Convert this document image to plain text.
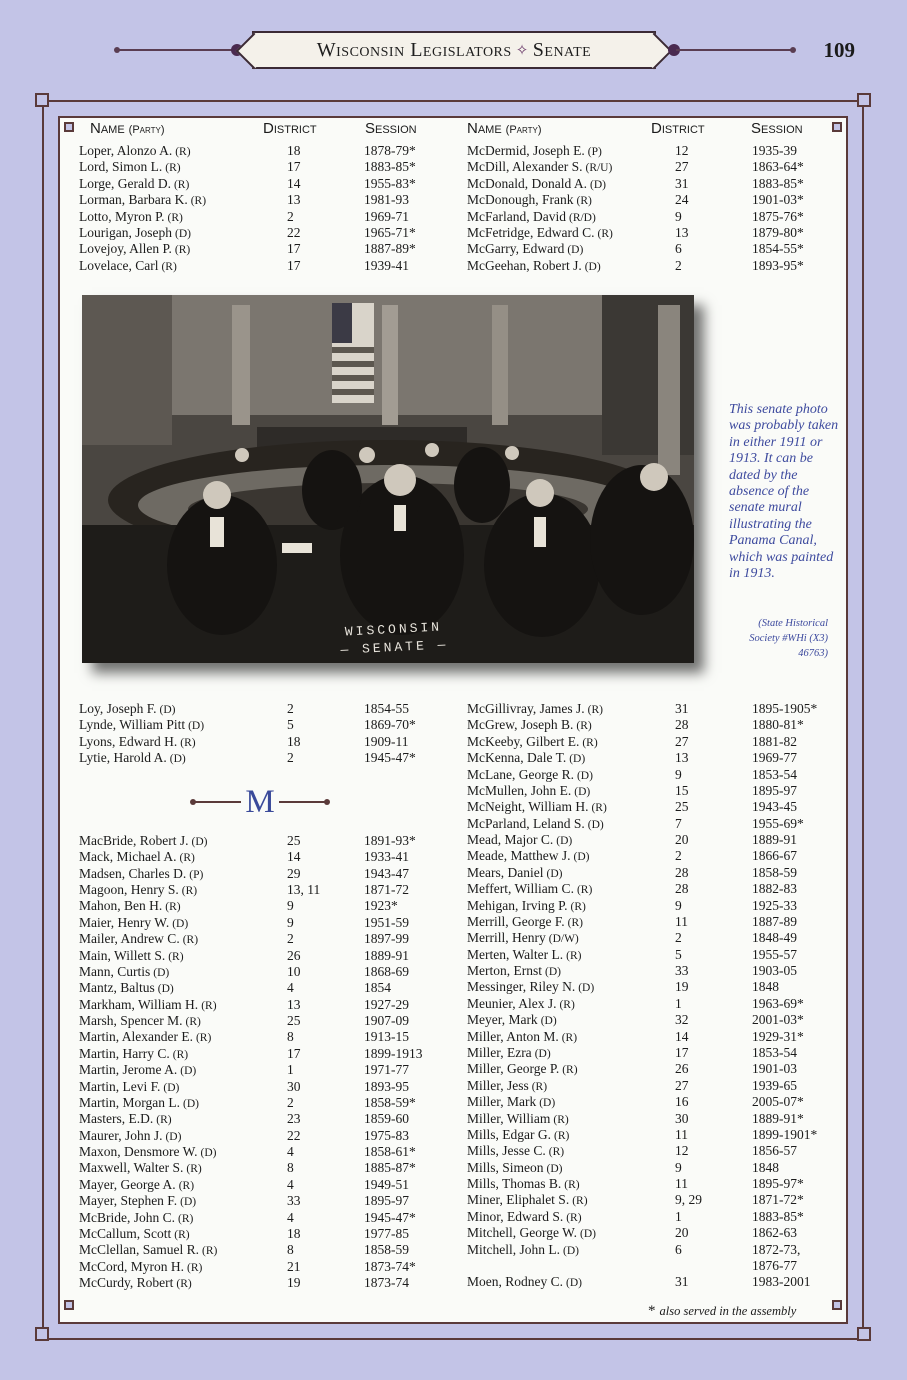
Wisconsin Legislators ✧ Senate	109
Name (Party)	District	Session	Name (Party)	District	Session
Loper, Alonzo A. (R)	18	1878-79*
Lord, Simon L. (R)	17	1883-85*
Lorge, Gerald D. (R)	14	1955-83*
Lorman, Barbara K. (R)	13	1981-93
Lotto, Myron P. (R)	2	1969-71
Lourigan, Joseph (D)	22	1965-71*
Lovejoy, Allen P. (R)	17	1887-89*
Lovelace, Carl (R)	17	1939-41
McDermid, Joseph E. (P)	12	1935-39
McDill, Alexander S. (R/U)	27	1863-64*
McDonald, Donald A. (D)	31	1883-85*
McDonough, Frank (R)	24	1901-03*
McFarland, David (R/D)	9	1875-76*
McFetridge, Edward C. (R)	13	1879-80*
McGarry, Edward (D)	6	1854-55*
McGeehan, Robert J. (D)	2	1893-95*
Loy, Joseph F. (D)	2	1854-55
Lynde, William Pitt (D)	5	1869-70*
Lyons, Edward H. (R)	18	1909-11
Lytie, Harold A. (D)	2	1945-47*
MacBride, Robert J. (D)	25	1891-93*
Mack, Michael A. (R)	14	1933-41
Madsen, Charles D. (P)	29	1943-47
Magoon, Henry S. (R)	13, 11	1871-72
Mahon, Ben H. (R)	9	1923*
Maier, Henry W. (D)	9	1951-59
Mailer, Andrew C. (R)	2	1897-99
Main, Willett S. (R)	26	1889-91
Mann, Curtis (D)	10	1868-69
Mantz, Baltus (D)	4	1854
Markham, William H. (R)	13	1927-29
Marsh, Spencer M. (R)	25	1907-09
Martin, Alexander E. (R)	8	1913-15
Martin, Harry C. (R)	17	1899-1913
Martin, Jerome A. (D)	1	1971-77
Martin, Levi F. (D)	30	1893-95
Martin, Morgan L. (D)	2	1858-59*
Masters, E.D. (R)	23	1859-60
Maurer, John J. (D)	22	1975-83
Maxon, Densmore W. (D)	4	1858-61*
Maxwell, Walter S. (R)	8	1885-87*
Mayer, George A. (R)	4	1949-51
Mayer, Stephen F. (D)	33	1895-97
McBride, John C. (R)	4	1945-47*
McCallum, Scott (R)	18	1977-85
McClellan, Samuel R. (R)	8	1858-59
McCord, Myron H. (R)	21	1873-74*
McCurdy, Robert (R)	19	1873-74
McGillivray, James J. (R)	31	1895-1905*
McGrew, Joseph B. (R)	28	1880-81*
McKeeby, Gilbert E. (R)	27	1881-82
McKenna, Dale T. (D)	13	1969-77
McLane, George R. (D)	9	1853-54
McMullen, John E. (D)	15	1895-97
McNeight, William H. (R)	25	1943-45
McParland, Leland S. (D)	7	1955-69*
Mead, Major C. (D)	20	1889-91
Meade, Matthew J. (D)	2	1866-67
Mears, Daniel (D)	28	1858-59
Meffert, William C. (R)	28	1882-83
Mehigan, Irving P. (R)	9	1925-33
Merrill, George F. (R)	11	1887-89
Merrill, Henry (D/W)	2	1848-49
Merten, Walter L. (R)	5	1955-57
Merton, Ernst (D)	33	1903-05
Messinger, Riley N. (D)	19	1848
Meunier, Alex J. (R)	1	1963-69*
Meyer, Mark (D)	32	2001-03*
Miller, Anton M. (R)	14	1929-31*
Miller, Ezra (D)	17	1853-54
Miller, George P. (R)	26	1901-03
Miller, Jess (R)	27	1939-65
Miller, Mark (D)	16	2005-07*
Miller, William (R)	30	1889-91*
Mills, Edgar G. (R)	11	1899-1901*
Mills, Jesse C. (R)	12	1856-57
Mills, Simeon (D)	9	1848
Mills, Thomas B. (R)	11	1895-97*
Miner, Eliphalet S. (R)	9, 29	1871-72*
Minor, Edward S. (R)	1	1883-85*
Mitchell, George W. (D)	20	1862-63
Mitchell, John L. (D)	6	1872-73,
1876-77
Moen, Rodney C. (D)	31	1983-2001
WISCONSIN
— SENATE —
This senate photo was probably taken in either 1911 or 1913. It can be dated by the absence of the senate mural illustrating the Panama Canal, which was painted in 1913.
(State Historical Society #WHi (X3) 46763)
M
* also served in the assembly
